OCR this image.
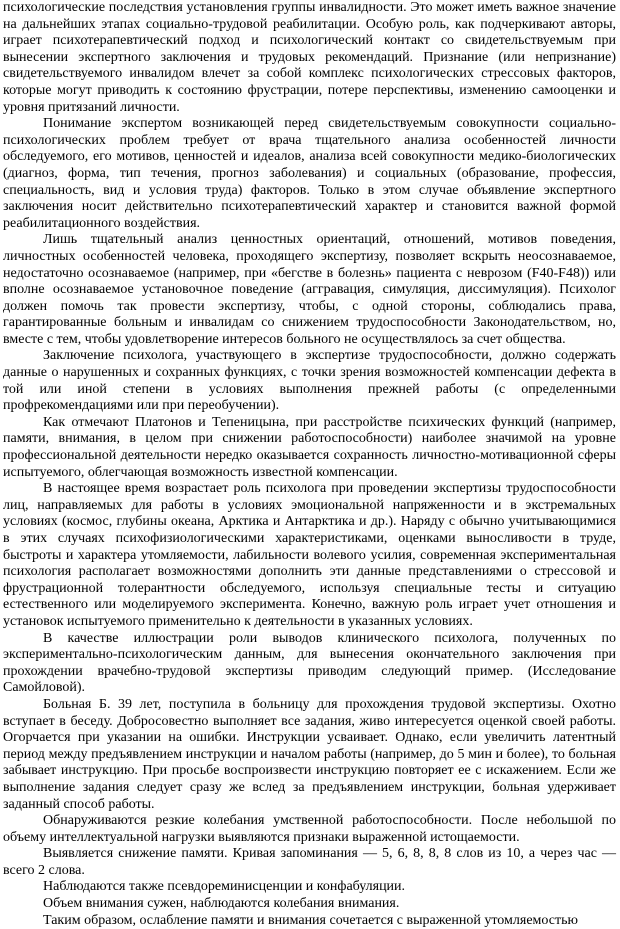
психологические последствия установления группы инвалидности. Это может иметь важное значение на дальнейших этапах социально-трудовой реабилитации. Особую роль, как подчеркивают авторы, играет психотерапевтический подход и психологический контакт со свидетельствуемым при вынесении экспертного заключения и трудовых рекомендаций. Признание (или непризнание) свидетельствуемого инвалидом влечет за собой комплекс психологических стрессовых факторов, которые могут приводить к состоянию фрустрации, потере перспективы, изменению самооценки и уровня притязаний личности.

Понимание экспертом возникающей перед свидетельствуемым совокупности социально-психологических проблем требует от врача тщательного анализа особенностей личности обследуемого, его мотивов, ценностей и идеалов, анализа всей совокупности медико-биологических (диагноз, форма, тип течения, прогноз заболевания) и социальных (образование, профессия, специальность, вид и условия труда) факторов. Только в этом случае объявление экспертного заключения носит действительно психотерапевтический характер и становится важной формой реабилитационного воздействия.

Лишь тщательный анализ ценностных ориентаций, отношений, мотивов поведения, личностных особенностей человека, проходящего экспертизу, позволяет вскрыть неосознаваемое, недостаточно осознаваемое (например, при «бегстве в болезнь» пациента с неврозом (F40-F48)) или вполне осознаваемое установочное поведение (аггравация, симуляция, диссимуляция). Психолог должен помочь так провести экспертизу, чтобы, с одной стороны, соблюдались права, гарантированные больным и инвалидам со снижением трудоспособности Законодательством, но, вместе с тем, чтобы удовлетворение интересов больного не осуществлялось за счет общества.

Заключение психолога, участвующего в экспертизе трудоспособности, должно содержать данные о нарушенных и сохранных функциях, с точки зрения возможностей компенсации дефекта в той или иной степени в условиях выполнения прежней работы (с определенными профрекомендациями или при переобучении).

Как отмечают Платонов и Тепеницына, при расстройстве психических функций (например, памяти, внимания, в целом при снижении работоспособности) наиболее значимой на уровне профессиональной деятельности нередко оказывается сохранность личностно-мотивационной сферы испытуемого, облегчающая возможность известной компенсации.

В настоящее время возрастает роль психолога при проведении экспертизы трудоспособности лиц, направляемых для работы в условиях эмоциональной напряженности и в экстремальных условиях (космос, глубины океана, Арктика и Антарктика и др.). Наряду с обычно учитывающимися в этих случаях психофизиологическими характеристиками, оценками выносливости в труде, быстроты и характера утомляемости, лабильности волевого усилия, современная экспериментальная психология располагает возможностями дополнить эти данные представлениями о стрессовой и фрустрационной толерантности обследуемого, используя специальные тесты и ситуацию естественного или моделируемого эксперимента. Конечно, важную роль играет учет отношения и установок испытуемого применительно к деятельности в указанных условиях.

В качестве иллюстрации роли выводов клинического психолога, полученных по экспериментально-психологическим данным, для вынесения окончательного заключения при прохождении врачебно-трудовой экспертизы приводим следующий пример. (Исследование Самойловой).

Больная Б. 39 лет, поступила в больницу для прохождения трудовой экспертизы. Охотно вступает в беседу. Добросовестно выполняет все задания, живо интересуется оценкой своей работы. Огорчается при указании на ошибки. Инструкции усваивает. Однако, если увеличить латентный период между предъявлением инструкции и началом работы (например, до 5 мин и более), то больная забывает инструкцию. При просьбе воспроизвести инструкцию повторяет ее с искажением. Если же выполнение задания следует сразу же вслед за предъявлением инструкции, больная удерживает заданный способ работы.

Обнаруживаются резкие колебания умственной работоспособности. После небольшой по объему интеллектуальной нагрузки выявляются признаки выраженной истощаемости.

Выявляется снижение памяти. Кривая запоминания — 5, 6, 8, 8, 8 слов из 10, а через час — всего 2 слова.

Наблюдаются также псевдореминисценции и конфабуляции.

Объем внимания сужен, наблюдаются колебания внимания.

Таким образом, ослабление памяти и внимания сочетается с выраженной утомляемостью
